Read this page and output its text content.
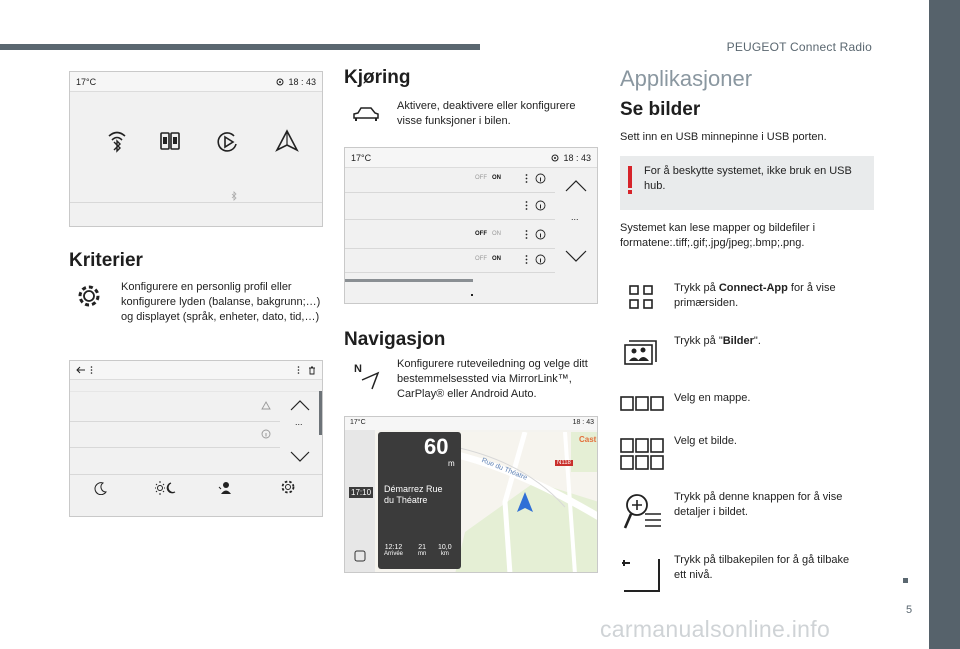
PEUGEOT Connect Radio
5
17°C	18 : 43
Kriterier
Konfigurere en personlig profil eller konfigurere lyden (balanse, bakgrunn;…) og displayet (språk, enheter, dato, tid,…)
...
Kjøring
Aktivere, deaktivere eller konfigurere visse funksjoner i bilen.
17°C	18 : 43
OFF ON
OFF ON
OFF ON
...
Navigasjon
N	Konfigurere ruteveiledning og velge ditt bestemmelsessted via MirrorLink™, CarPlay® eller Android Auto.
17:10
17°C	18 : 43
Rue du Théatre	N118
Cast
60
m
Démarrez Rue du Théatre
12:12
Arrivée
21
mn
10,0
km
Applikasjoner
Se bilder
Sett inn en USB minnepinne i USB porten.
For å beskytte systemet, ikke bruk en USB hub.
Systemet kan lese mapper og bildefiler i formatene:.tiff;.gif;.jpg/jpeg;.bmp;.png.
Trykk på Connect-App for å vise primærsiden.
Trykk på "Bilder".
Velg en mappe.
Velg et bilde.
Trykk på denne knappen for å vise detaljer i bildet.
Trykk på tilbakepilen for å gå tilbake ett nivå.
carmanualsonline.info
